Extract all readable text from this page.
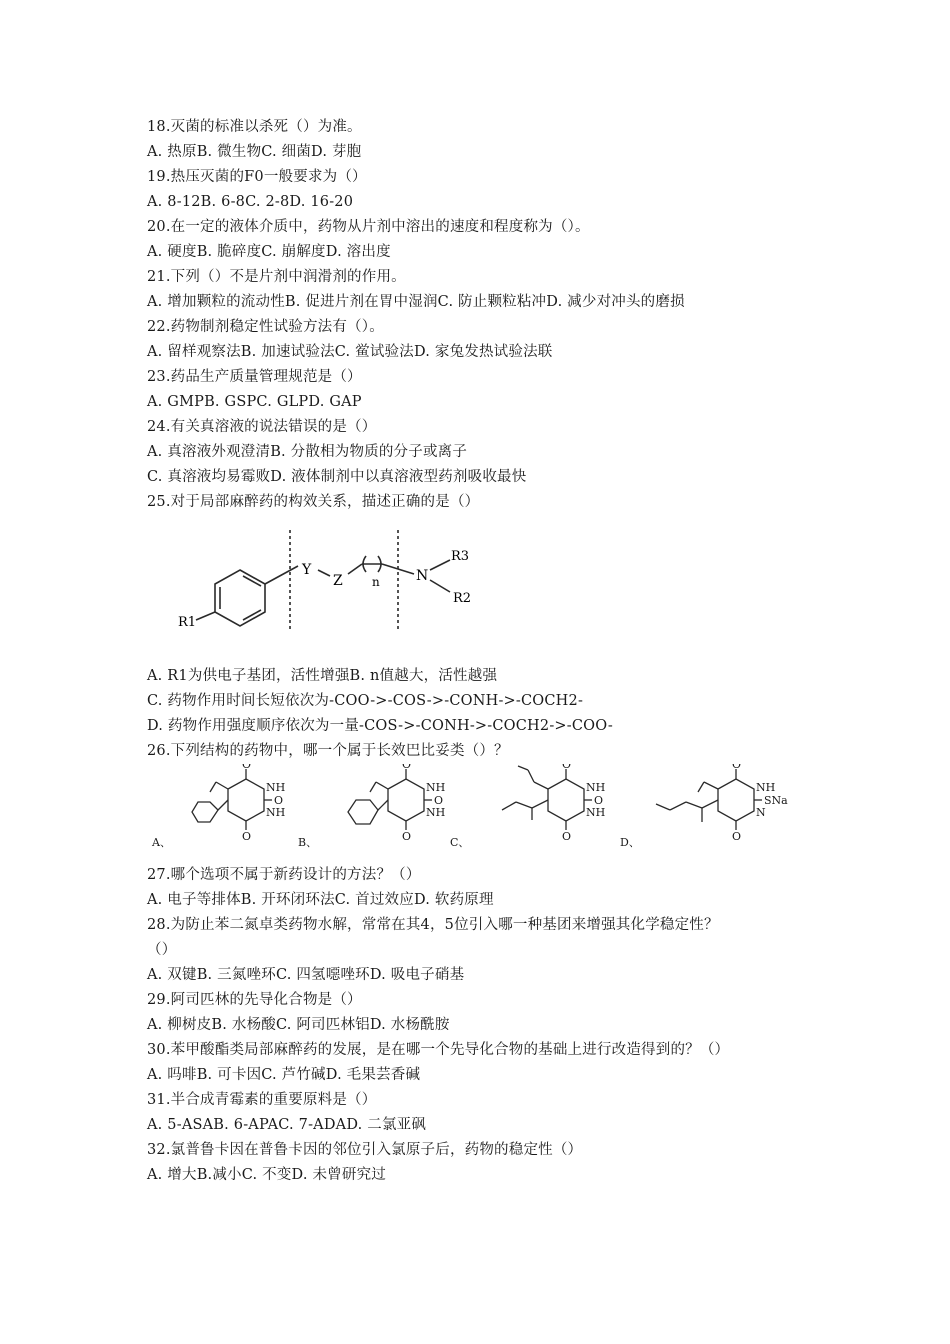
18.灭菌的标准以杀死（）为准。
A. 热原B. 微生物C. 细菌D. 芽胞
19.热压灭菌的F0一般要求为（）
A. 8-12B. 6-8C. 2-8D. 16-20
20.在一定的液体介质中，药物从片剂中溶出的速度和程度称为（）。
A. 硬度B. 脆碎度C. 崩解度D. 溶出度
21.下列（）不是片剂中润滑剂的作用。
A. 增加颗粒的流动性B. 促进片剂在胃中湿润C. 防止颗粒粘冲D. 减少对冲头的磨损
22.药物制剂稳定性试验方法有（）。
A. 留样观察法B. 加速试验法C. 鲎试验法D. 家兔发热试验法联
23.药品生产质量管理规范是（）
A. GMPB. GSPC. GLPD. GAP
24.有关真溶液的说法错误的是（）
A. 真溶液外观澄清B. 分散相为物质的分子或离子
C. 真溶液均易霉败D. 液体制剂中以真溶液型药剂吸收最快
25.对于局部麻醉药的构效关系，描述正确的是（）
Y
Z n	N
R3
R2
R1
A. R1为供电子基团，活性增强B. n值越大，活性越强
C. 药物作用时间长短依次为-COO->-COS->-CONH->-COCH2-
D. 药物作用强度顺序依次为一量-COS->-CONH->-COCH2->-COO-
26.下列结构的药物中，哪一个属于长效巴比妥类（）？
O
NH
O
NH
O
A、
O
NH
O
NH
O
B、
O
NH
O
NH
O
C、
O
NH
SNa
N
O
D、
27.哪个选项不属于新药设计的方法？（）
A. 电子等排体B. 开环闭环法C. 首过效应D. 软药原理
28.为防止苯二氮卓类药物水解，常常在其4，5位引入哪一种基团来增强其化学稳定性？
（）
A. 双键B. 三氮唑环C. 四氢噁唑环D. 吸电子硝基
29.阿司匹林的先导化合物是（）
A. 柳树皮B. 水杨酸C. 阿司匹林铝D. 水杨酰胺
30.苯甲酸酯类局部麻醉药的发展，是在哪一个先导化合物的基础上进行改造得到的？（）
A. 吗啡B. 可卡因C. 芦竹碱D. 毛果芸香碱
31.半合成青霉素的重要原料是（）
A. 5-ASAB. 6-APAC. 7-ADAD. 二氯亚砜
32.氯普鲁卡因在普鲁卡因的邻位引入氯原子后，药物的稳定性（）
A. 增大B.减小C. 不变D. 未曾研究过
